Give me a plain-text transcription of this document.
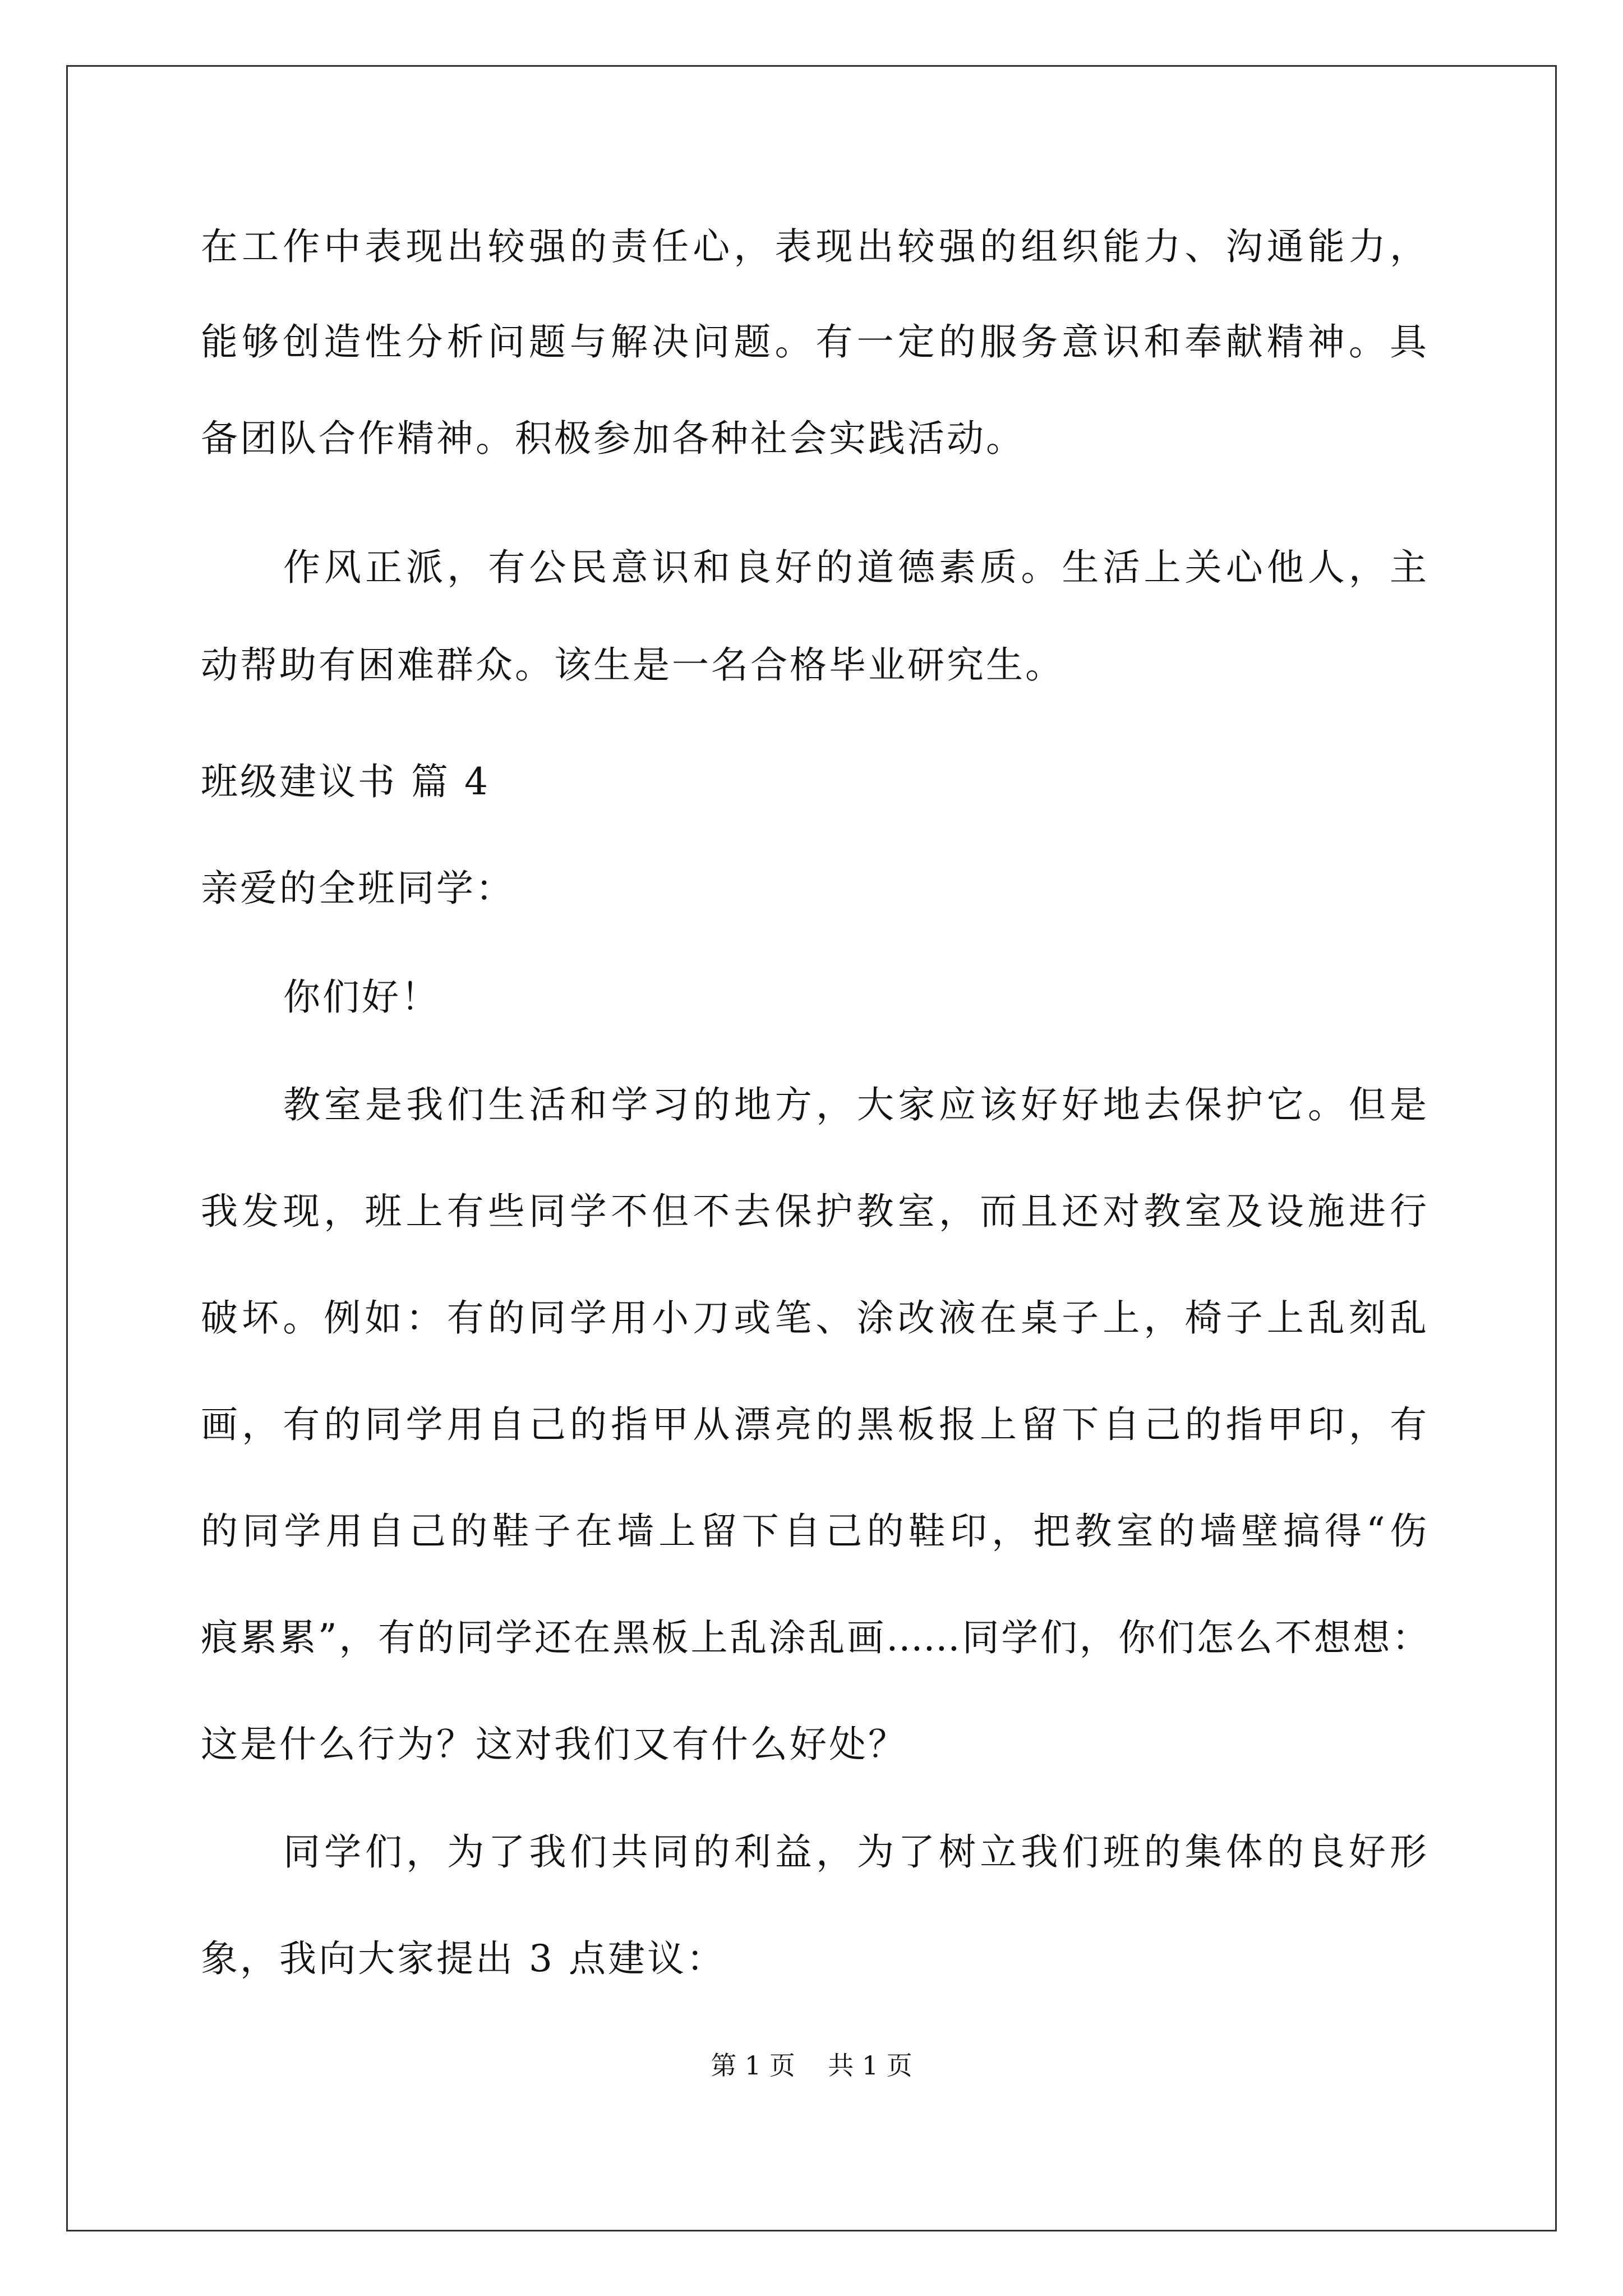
在工作中表现出较强的责任心，表现出较强的组织能力、沟通能力，
能够创造性分析问题与解决问题。有一定的服务意识和奉献精神。具
备团队合作精神。积极参加各种社会实践活动。
作风正派，有公民意识和良好的道德素质。生活上关心他人，主
动帮助有困难群众。该生是一名合格毕业研究生。
班级建议书 篇 4
亲爱的全班同学：
你们好！
教室是我们生活和学习的地方，大家应该好好地去保护它。但是
我发现，班上有些同学不但不去保护教室，而且还对教室及设施进行
破坏。例如：有的同学用小刀或笔、涂改液在桌子上，椅子上乱刻乱
画，有的同学用自己的指甲从漂亮的黑板报上留下自己的指甲印，有
的同学用自己的鞋子在墙上留下自己的鞋印，把教室的墙壁搞得“伤
痕累累”，有的同学还在黑板上乱涂乱画……同学们，你们怎么不想想：
这是什么行为？这对我们又有什么好处？
同学们，为了我们共同的利益，为了树立我们班的集体的良好形
象，我向大家提出 3 点建议：
第 1 页    共 1 页
